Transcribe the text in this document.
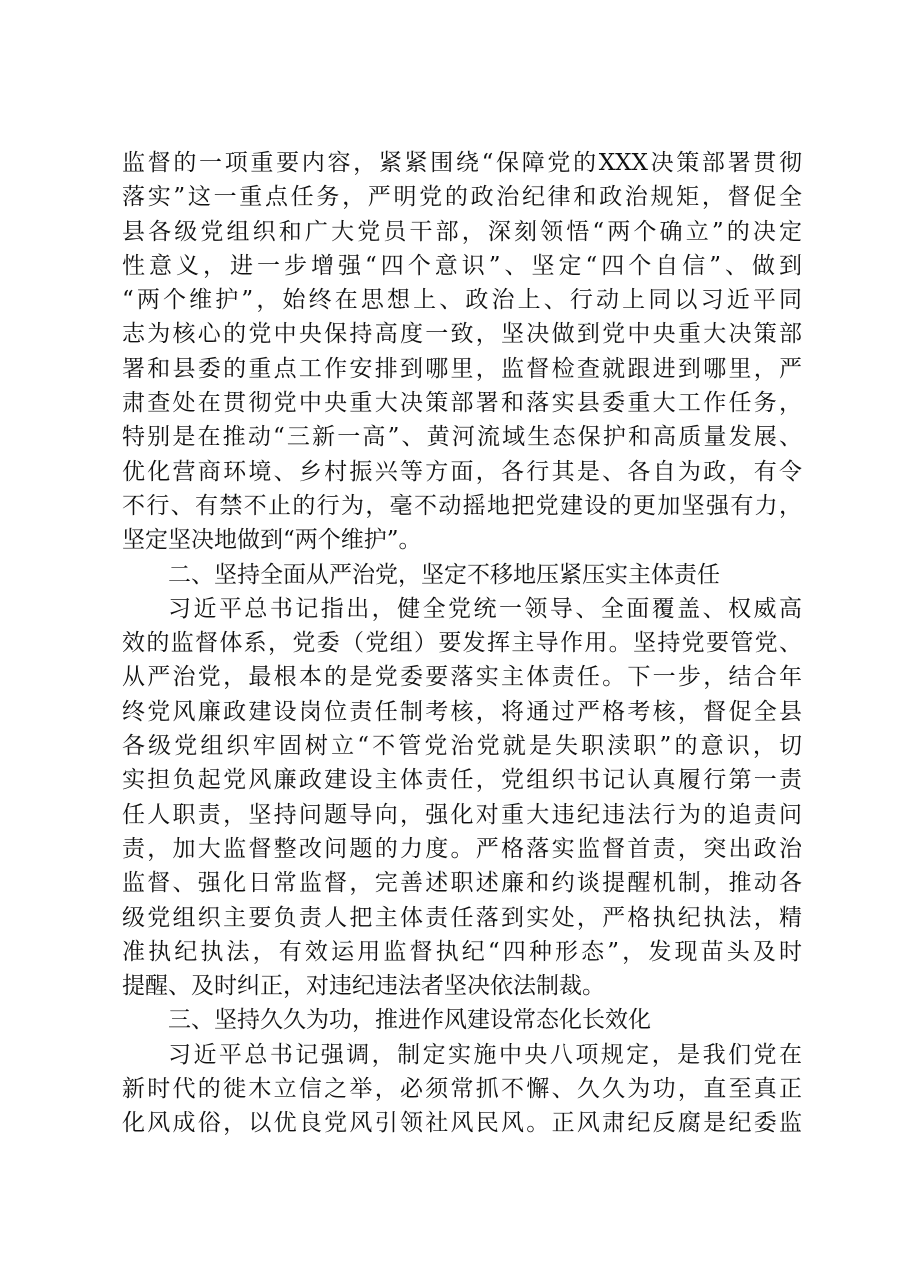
监督的一项重要内容，紧紧围绕“保障党的XXX决策部署贯彻
落实”这一重点任务，严明党的政治纪律和政治规矩，督促全
县各级党组织和广大党员干部，深刻领悟“两个确立”的决定
性意义，进一步增强“四个意识”、坚定“四个自信”、做到
“两个维护”，始终在思想上、政治上、行动上同以习近平同
志为核心的党中央保持高度一致，坚决做到党中央重大决策部
署和县委的重点工作安排到哪里，监督检查就跟进到哪里，严
肃查处在贯彻党中央重大决策部署和落实县委重大工作任务，
特别是在推动“三新一高”、黄河流域生态保护和高质量发展、
优化营商环境、乡村振兴等方面，各行其是、各自为政，有令
不行、有禁不止的行为，毫不动摇地把党建设的更加坚强有力，
坚定坚决地做到“两个维护”。
二、坚持全面从严治党，坚定不移地压紧压实主体责任
习近平总书记指出，健全党统一领导、全面覆盖、权威高
效的监督体系，党委（党组）要发挥主导作用。坚持党要管党、
从严治党，最根本的是党委要落实主体责任。下一步，结合年
终党风廉政建设岗位责任制考核，将通过严格考核，督促全县
各级党组织牢固树立“不管党治党就是失职渎职”的意识，切
实担负起党风廉政建设主体责任，党组织书记认真履行第一责
任人职责，坚持问题导向，强化对重大违纪违法行为的追责问
责，加大监督整改问题的力度。严格落实监督首责，突出政治
监督、强化日常监督，完善述职述廉和约谈提醒机制，推动各
级党组织主要负责人把主体责任落到实处，严格执纪执法，精
准执纪执法，有效运用监督执纪“四种形态”，发现苗头及时
提醒、及时纠正，对违纪违法者坚决依法制裁。
三、坚持久久为功，推进作风建设常态化长效化
习近平总书记强调，制定实施中央八项规定，是我们党在
新时代的徙木立信之举，必须常抓不懈、久久为功，直至真正
化风成俗，以优良党风引领社风民风。正风肃纪反腐是纪委监
